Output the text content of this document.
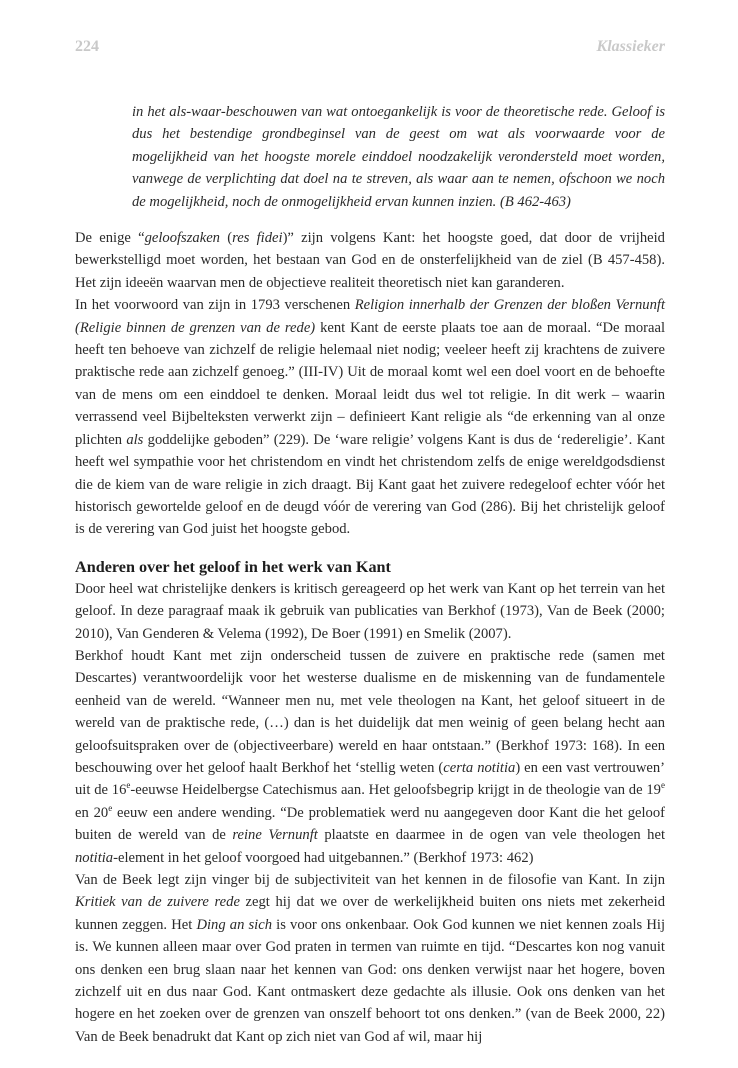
224	Klassieker

in het als-waar-beschouwen van wat ontoegankelijk is voor de theoretische rede. Geloof is dus het bestendige grondbeginsel van de geest om wat als voorwaarde voor de mogelijkheid van het hoogste morele einddoel noodzakelijk verondersteld moet worden, vanwege de verplichting dat doel na te streven, als waar aan te nemen, ofschoon we noch de mogelijkheid, noch de onmogelijkheid ervan kunnen inzien. (B 462-463)

De enige “geloofszaken (res fidei)” zijn volgens Kant: het hoogste goed, dat door de vrijheid bewerkstelligd moet worden, het bestaan van God en de onsterfelijkheid van de ziel (B 457-458). Het zijn ideeën waarvan men de objectieve realiteit theoretisch niet kan garanderen.

In het voorwoord van zijn in 1793 verschenen Religion innerhalb der Grenzen der bloßen Vernunft (Religie binnen de grenzen van de rede) kent Kant de eerste plaats toe aan de moraal. “De moraal heeft ten behoeve van zichzelf de religie helemaal niet nodig; veeleer heeft zij krachtens de zuivere praktische rede aan zichzelf genoeg.” (III-IV) Uit de moraal komt wel een doel voort en de behoefte van de mens om een einddoel te denken. Moraal leidt dus wel tot religie. In dit werk – waarin verrassend veel Bijbelteksten verwerkt zijn – definieert Kant religie als “de erkenning van al onze plichten als goddelijke geboden” (229). De ‘ware religie’ volgens Kant is dus de ‘redereligie’. Kant heeft wel sympathie voor het christendom en vindt het christendom zelfs de enige wereldgodsdienst die de kiem van de ware religie in zich draagt. Bij Kant gaat het zuivere redegeloof echter vóór het historisch gewortelde geloof en de deugd vóór de verering van God (286). Bij het christelijk geloof is de verering van God juist het hoogste gebod.

Anderen over het geloof in het werk van Kant

Door heel wat christelijke denkers is kritisch gereageerd op het werk van Kant op het terrein van het geloof. In deze paragraaf maak ik gebruik van publicaties van Berkhof (1973), Van de Beek (2000; 2010), Van Genderen & Velema (1992), De Boer (1991) en Smelik (2007).

Berkhof houdt Kant met zijn onderscheid tussen de zuivere en praktische rede (samen met Descartes) verantwoordelijk voor het westerse dualisme en de miskenning van de fundamentele eenheid van de wereld. “Wanneer men nu, met vele theologen na Kant, het geloof situeert in de wereld van de praktische rede, (…) dan is het duidelijk dat men weinig of geen belang hecht aan geloofsuitspraken over de (objectiveerbare) wereld en haar ontstaan.” (Berkhof 1973: 168). In een beschouwing over het geloof haalt Berkhof het ‘stellig weten (certa notitia) en een vast vertrouwen’ uit de 16e-eeuwse Heidelbergse Catechismus aan. Het geloofsbegrip krijgt in de theologie van de 19e en 20e eeuw een andere wending. “De problematiek werd nu aangegeven door Kant die het geloof buiten de wereld van de reine Vernunft plaatste en daarmee in de ogen van vele theologen het notitia-element in het geloof voorgoed had uitgebannen.” (Berkhof 1973: 462)

Van de Beek legt zijn vinger bij de subjectiviteit van het kennen in de filosofie van Kant. In zijn Kritiek van de zuivere rede zegt hij dat we over de werkelijkheid buiten ons niets met zekerheid kunnen zeggen. Het Ding an sich is voor ons onkenbaar. Ook God kunnen we niet kennen zoals Hij is. We kunnen alleen maar over God praten in termen van ruimte en tijd. “Descartes kon nog vanuit ons denken een brug slaan naar het kennen van God: ons denken verwijst naar het hogere, boven zichzelf uit en dus naar God. Kant ontmaskert deze gedachte als illusie. Ook ons denken van het hogere en het zoeken over de grenzen van onszelf behoort tot ons denken.” (van de Beek 2000, 22) Van de Beek benadrukt dat Kant op zich niet van God af wil, maar hij
